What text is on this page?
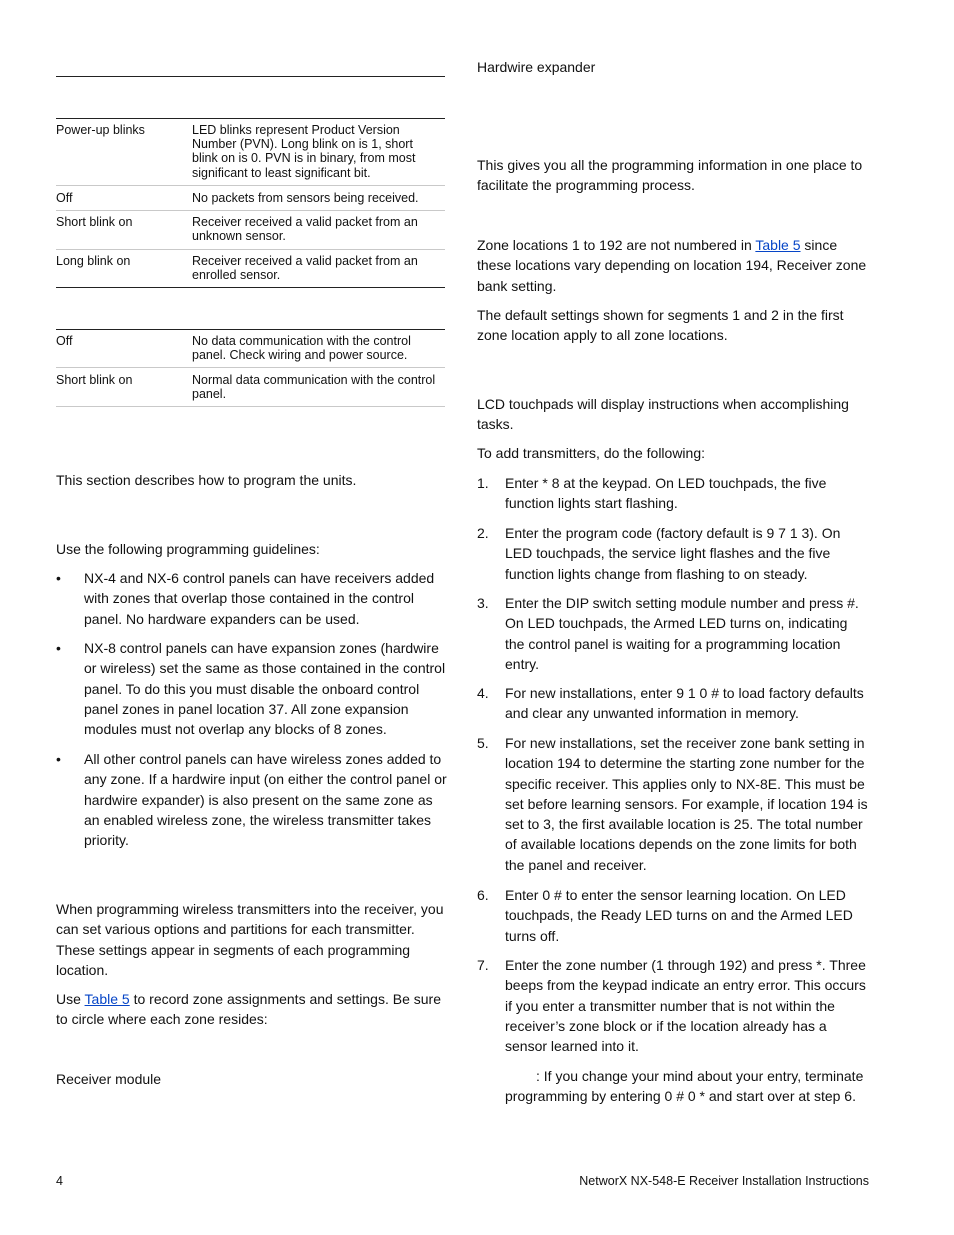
Power-up blinks	LED blinks represent Product Version
Number (PVN). Long blink on is 1, short
blink on is 0. PVN is in binary, from most
significant to least significant bit.
Off	No packets from sensors being received.
Short blink on	Receiver received a valid packet from an
unknown sensor.
Long blink on	Receiver received a valid packet from an
enrolled sensor.
Off	No data communication with the control
panel. Check wiring and power source.
Short blink on	Normal data communication with the control
panel.

This section describes how to program the units.

Use the following programming guidelines:

• NX-4 and NX-6 control panels can have receivers added
with zones that overlap those contained in the control
panel. No hardware expanders can be used.
• NX-8 control panels can have expansion zones (hardwire
or wireless) set the same as those contained in the control
panel. To do this you must disable the onboard control
panel zones in panel location 37. All zone expansion
modules must not overlap any blocks of 8 zones.
• All other control panels can have wireless zones added to
any zone. If a hardwire input (on either the control panel or
hardwire expander) is also present on the same zone as
an enabled wireless zone, the wireless transmitter takes
priority.
When programming wireless transmitters into the receiver, you
can set various options and partitions for each transmitter.
These settings appear in segments of each programming
location.
Use Table 5 to record zone assignments and settings. Be sure
to circle where each zone resides:

Receiver module

Hardwire expander

This gives you all the programming information in one place to
facilitate the programming process.
Zone locations 1 to 192 are not numbered in Table 5 since
these locations vary depending on location 194, Receiver zone
bank setting.
The default settings shown for segments 1 and 2 in the first
zone location apply to all zone locations.
LCD touchpads will display instructions when accomplishing
tasks.

To add transmitters, do the following:

1. Enter * 8 at the keypad. On LED touchpads, the five
function lights start flashing.
2. Enter the program code (factory default is 9 7 1 3). On
LED touchpads, the service light flashes and the five
function lights change from flashing to on steady.
3. Enter the DIP switch setting module number and press #.
On LED touchpads, the Armed LED turns on, indicating
the control panel is waiting for a programming location
entry.
4. For new installations, enter 9 1 0 # to load factory defaults
and clear any unwanted information in memory.
5. For new installations, set the receiver zone bank setting in
location 194 to determine the starting zone number for the
specific receiver. This applies only to NX-8E. This must be
set before learning sensors. For example, if location 194 is
set to 3, the first available location is 25. The total number
of available locations depends on the zone limits for both
the panel and receiver.
6. Enter 0 # to enter the sensor learning location. On LED
touchpads, the Ready LED turns on and the Armed LED
turns off.
7. Enter the zone number (1 through 192) and press *. Three
beeps from the keypad indicate an entry error. This occurs
if you enter a transmitter number that is not within the
receiver’s zone block or if the location already has a
sensor learned into it.
: If you change your mind about your entry, terminate
programming by entering 0 # 0 * and start over at step 6.
4	NetworX NX-548-E Receiver Installation Instructions
